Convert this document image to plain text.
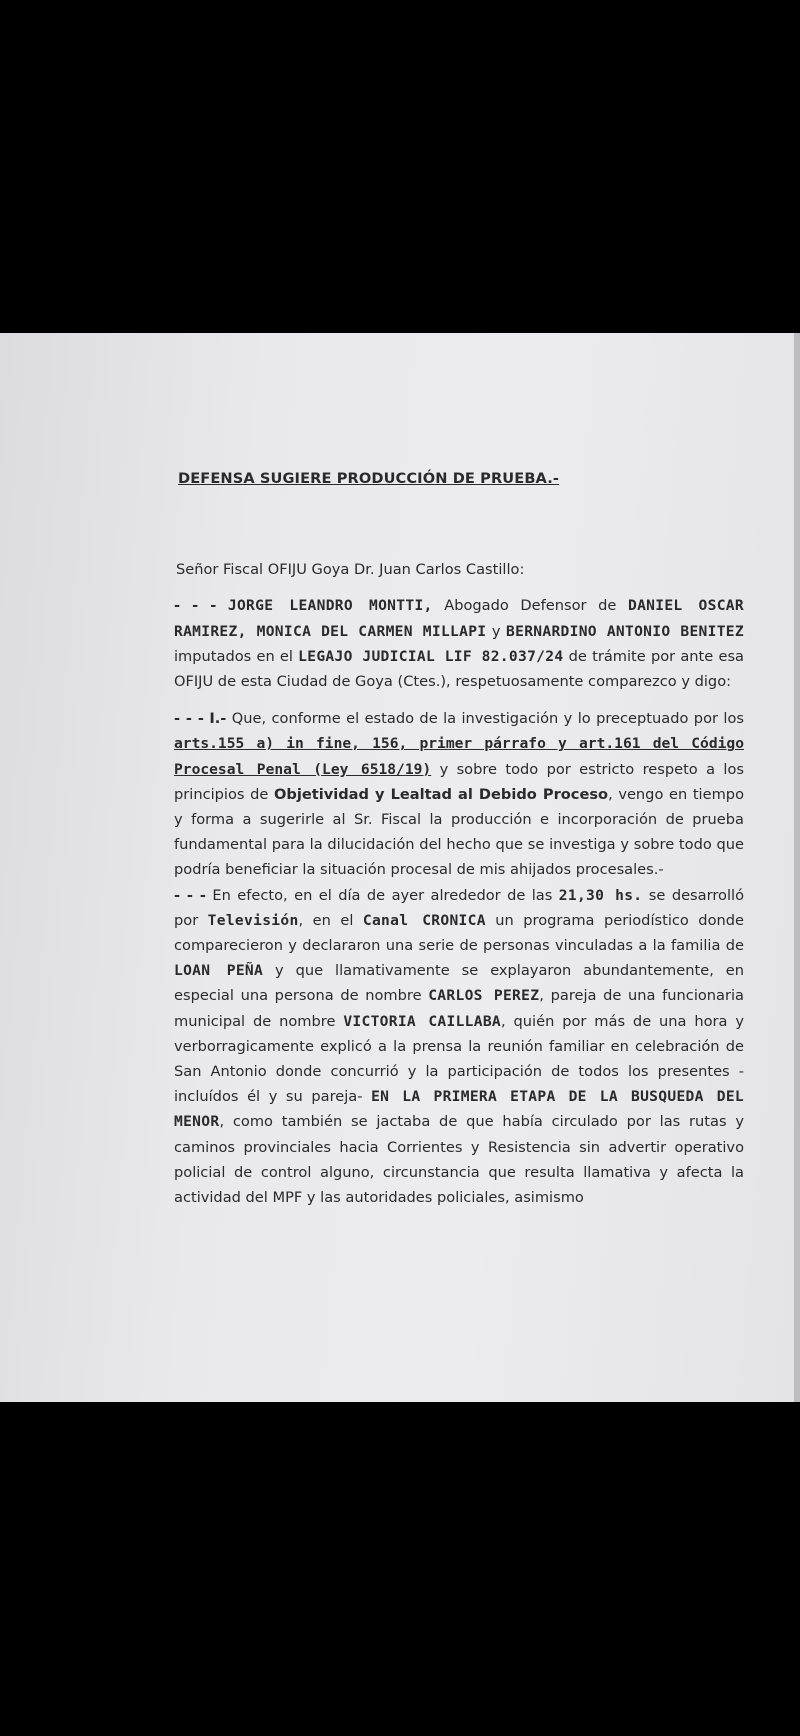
DEFENSA SUGIERE PRODUCCIÓN DE PRUEBA.-
Señor Fiscal OFIJU Goya Dr. Juan Carlos Castillo:

- - - JORGE LEANDRO MONTTI, Abogado Defensor de DANIEL OSCAR RAMIREZ, MONICA DEL CARMEN MILLAPI y BERNARDINO ANTONIO BENITEZ imputados en el LEGAJO JUDICIAL LIF 82.037/24 de trámite por ante esa OFIJU de esta Ciudad de Goya (Ctes.), respetuosamente comparezco y digo:

- - - I.- Que, conforme el estado de la investigación y lo preceptuado por los arts.155 a) in fine, 156, primer párrafo y art.161 del Código Procesal Penal (Ley 6518/19) y sobre todo por estricto respeto a los principios de Objetividad y Lealtad al Debido Proceso, vengo en tiempo y forma a sugerirle al Sr. Fiscal la producción e incorporación de prueba fundamental para la dilucidación del hecho que se investiga y sobre todo que podría beneficiar la situación procesal de mis ahijados procesales.-

- - - En efecto, en el día de ayer alrededor de las 21,30 hs. se desarrolló por Televisión, en el Canal CRONICA un programa periodístico donde comparecieron y declararon una serie de personas vinculadas a la familia de LOAN PEÑA y que llamativamente se explayaron abundantemente, en especial una persona de nombre CARLOS PEREZ, pareja de una funcionaria municipal de nombre VICTORIA CAILLABA, quién por más de una hora y verborragicamente explicó a la prensa la reunión familiar en celebración de San Antonio donde concurrió y la participación de todos los presentes -incluídos él y su pareja- EN LA PRIMERA ETAPA DE LA BUSQUEDA DEL MENOR, como también se jactaba de que había circulado por las rutas y caminos provinciales hacia Corrientes y Resistencia sin advertir operativo policial de control alguno, circunstancia que resulta llamativa y afecta la actividad del MPF y las autoridades policiales, asimismo
